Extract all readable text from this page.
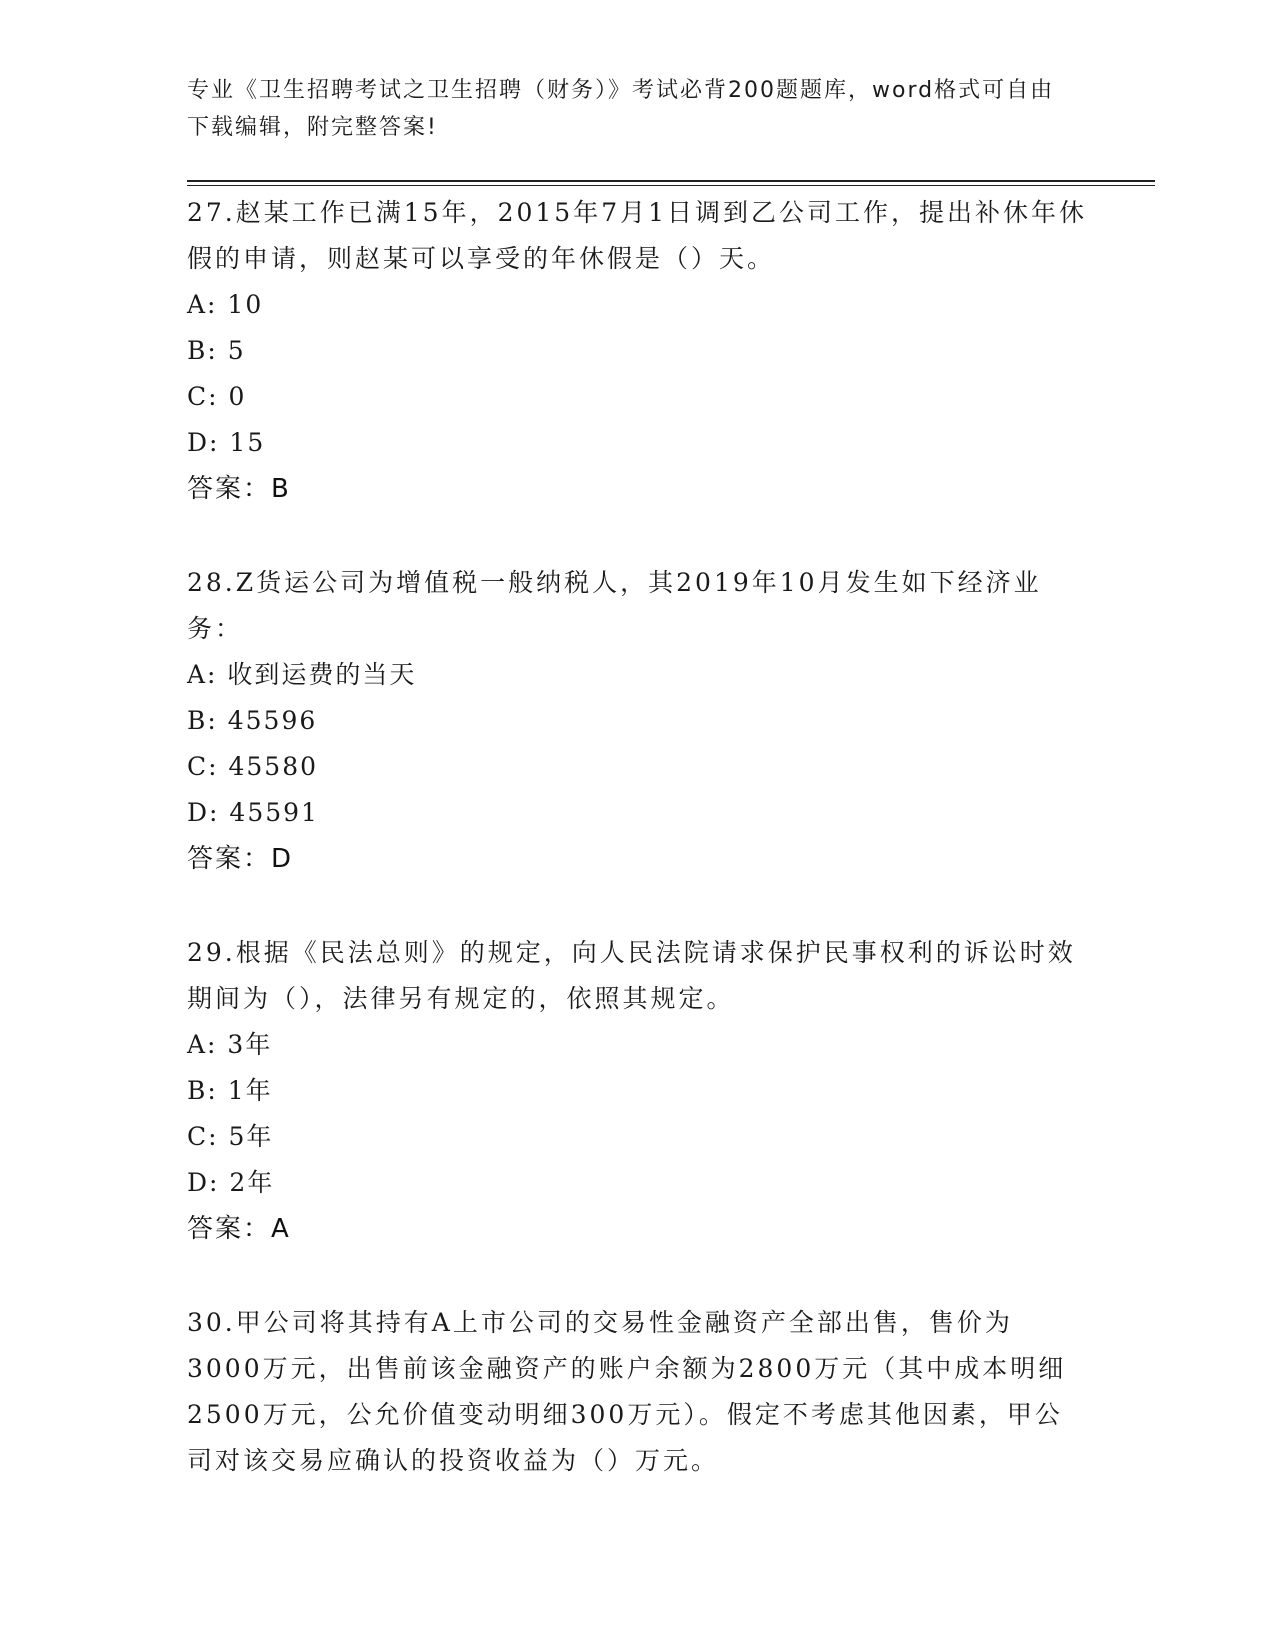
专业《卫生招聘考试之卫生招聘（财务）》考试必背200题题库，word格式可自由下载编辑，附完整答案!

27.赵某工作已满15年，2015年7月1日调到乙公司工作，提出补休年休假的申请，则赵某可以享受的年休假是（）天。

A: 10

B: 5

C: 0

D: 15

答案：B

28.Z货运公司为增值税一般纳税人，其2019年10月发生如下经济业务：

A: 收到运费的当天

B: 45596

C: 45580

D: 45591

答案：D

29.根据《民法总则》的规定，向人民法院请求保护民事权利的诉讼时效期间为（），法律另有规定的，依照其规定。

A: 3年

B: 1年

C: 5年

D: 2年

答案：A

30.甲公司将其持有A上市公司的交易性金融资产全部出售，售价为3000万元，出售前该金融资产的账户余额为2800万元（其中成本明细2500万元，公允价值变动明细300万元）。假定不考虑其他因素，甲公司对该交易应确认的投资收益为（）万元。
